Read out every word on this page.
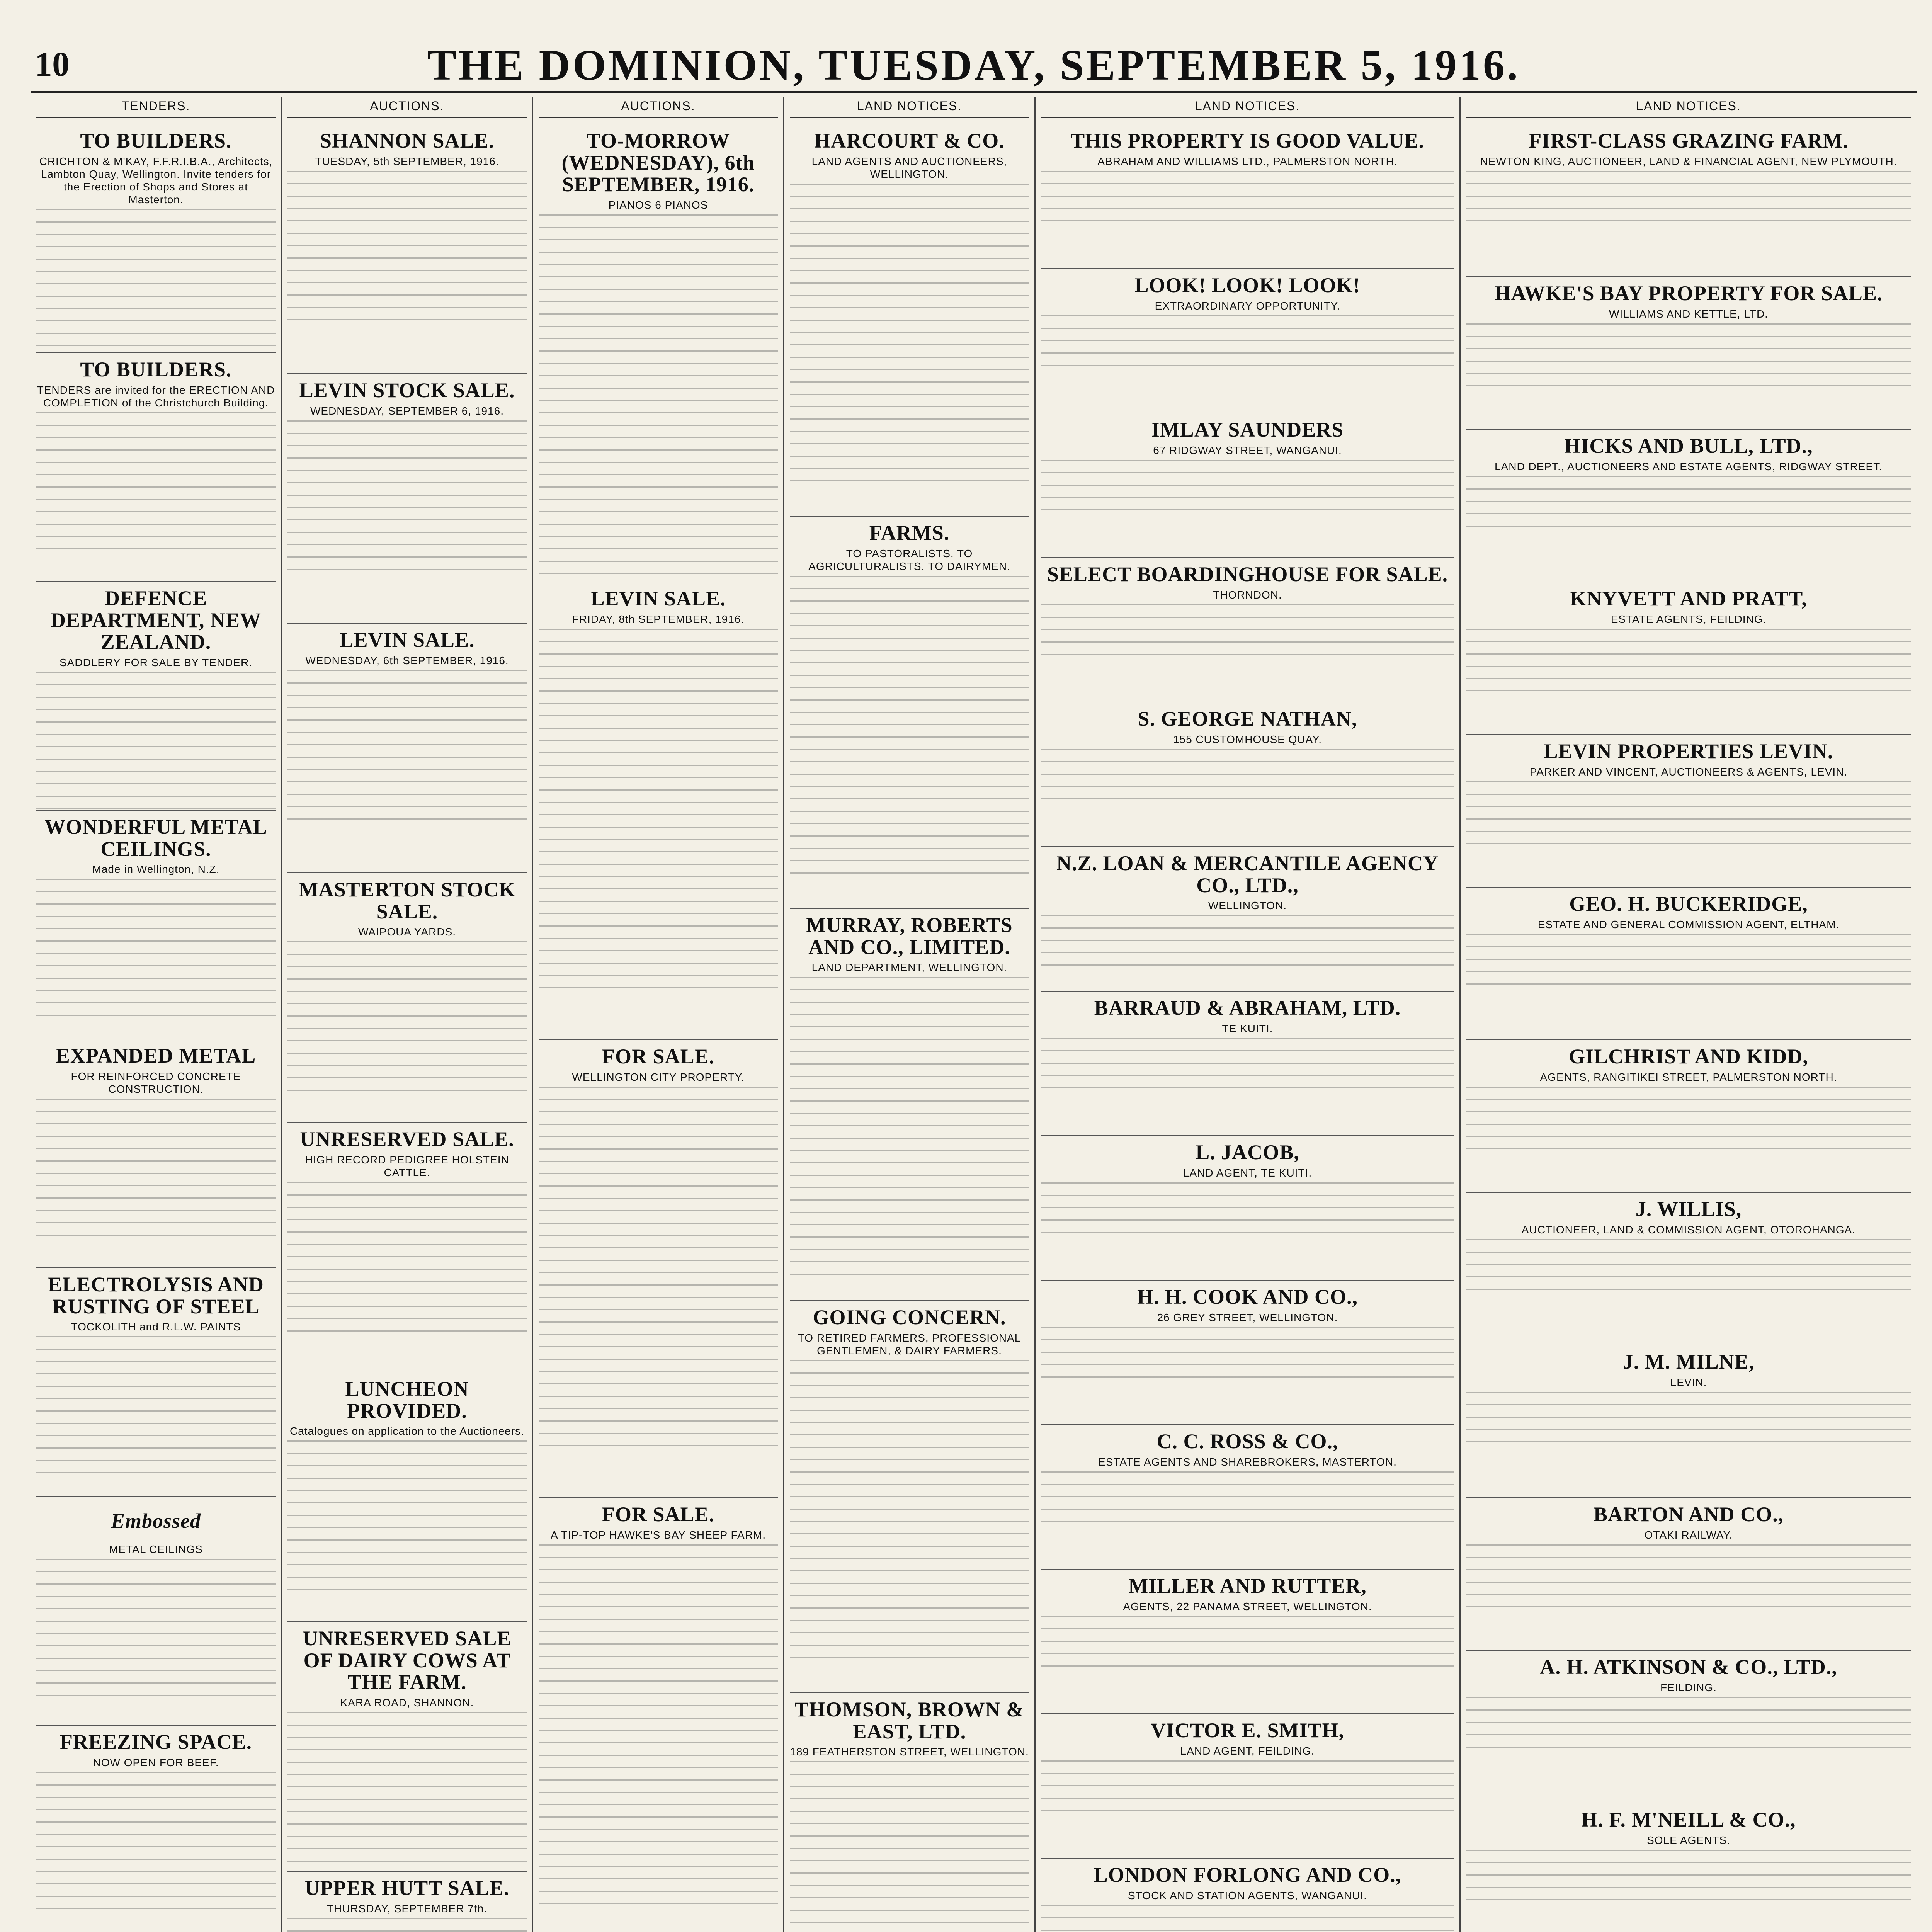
10	THE DOMINION, TUESDAY, SEPTEMBER 5, 1916.
TENDERS.
TO BUILDERS.

CRICHTON & M'KAY, F.F.R.I.B.A., Architects, Lambton Quay, Wellington. Invite tenders for the Erection of Shops and Stores at Masterton.

TO BUILDERS.

TENDERS are invited for the ERECTION AND COMPLETION of the Christchurch Building.

DEFENCE DEPARTMENT, NEW ZEALAND.

SADDLERY FOR SALE BY TENDER.

WONDERFUL METAL CEILINGS.

Made in Wellington, N.Z.

EXPANDED METAL

FOR REINFORCED CONCRETE CONSTRUCTION.

ELECTROLYSIS AND RUSTING OF STEEL

TOCKOLITH and R.L.W. PAINTS

Embossed

METAL CEILINGS

FREEZING SPACE.

NOW OPEN FOR BEEF.

AUCTIONS.
SHANNON SALE.

TUESDAY, 5th SEPTEMBER, 1916.

LEVIN STOCK SALE.

WEDNESDAY, SEPTEMBER 6, 1916.

LEVIN SALE.

WEDNESDAY, 6th SEPTEMBER, 1916.

MASTERTON STOCK SALE.

WAIPOUA YARDS.

UNRESERVED SALE.

HIGH RECORD PEDIGREE HOLSTEIN CATTLE.

LUNCHEON PROVIDED.

Catalogues on application to the Auctioneers.

UNRESERVED SALE OF DAIRY COWS AT THE FARM.

KARA ROAD, SHANNON.

UPPER HUTT SALE.

THURSDAY, SEPTEMBER 7th.

AUCTIONS.
TO-MORROW (WEDNESDAY), 6th SEPTEMBER, 1916.

PIANOS 6 PIANOS

LEVIN SALE.

FRIDAY, 8th SEPTEMBER, 1916.

FOR SALE.

WELLINGTON CITY PROPERTY.

FOR SALE.

A TIP-TOP HAWKE'S BAY SHEEP FARM.

LAND NOTICES.
HARCOURT & CO.

LAND AGENTS AND AUCTIONEERS, WELLINGTON.

FARMS.

TO PASTORALISTS. TO AGRICULTURALISTS. TO DAIRYMEN.

MURRAY, ROBERTS AND CO., LIMITED.

LAND DEPARTMENT, WELLINGTON.

GOING CONCERN.

TO RETIRED FARMERS, PROFESSIONAL GENTLEMEN, & DAIRY FARMERS.

THOMSON, BROWN & EAST, LTD.

189 FEATHERSTON STREET, WELLINGTON.

LAND NOTICES.
THIS PROPERTY IS GOOD VALUE.

ABRAHAM AND WILLIAMS LTD., PALMERSTON NORTH.

LOOK! LOOK! LOOK!

EXTRAORDINARY OPPORTUNITY.

IMLAY SAUNDERS

67 RIDGWAY STREET, WANGANUI.

SELECT BOARDINGHOUSE FOR SALE.

THORNDON.

S. GEORGE NATHAN,

155 CUSTOMHOUSE QUAY.

N.Z. LOAN & MERCANTILE AGENCY CO., LTD.,

WELLINGTON.

BARRAUD & ABRAHAM, LTD.

TE KUITI.

L. JACOB,

LAND AGENT, TE KUITI.

H. H. COOK AND CO.,

26 GREY STREET, WELLINGTON.

C. C. ROSS & CO.,

ESTATE AGENTS AND SHAREBROKERS, MASTERTON.

MILLER AND RUTTER,

AGENTS, 22 PANAMA STREET, WELLINGTON.

VICTOR E. SMITH,

LAND AGENT, FEILDING.

LONDON FORLONG AND CO.,

STOCK AND STATION AGENTS, WANGANUI.

LAND NOTICES.
FIRST-CLASS GRAZING FARM.

NEWTON KING, AUCTIONEER, LAND & FINANCIAL AGENT, NEW PLYMOUTH.

HAWKE'S BAY PROPERTY FOR SALE.

WILLIAMS AND KETTLE, LTD.

HICKS AND BULL, LTD.,

LAND DEPT., AUCTIONEERS AND ESTATE AGENTS, RIDGWAY STREET.

KNYVETT AND PRATT,

ESTATE AGENTS, FEILDING.

LEVIN PROPERTIES LEVIN.

PARKER AND VINCENT, AUCTIONEERS & AGENTS, LEVIN.

GEO. H. BUCKERIDGE,

ESTATE AND GENERAL COMMISSION AGENT, ELTHAM.

GILCHRIST AND KIDD,

AGENTS, RANGITIKEI STREET, PALMERSTON NORTH.

J. WILLIS,

AUCTIONEER, LAND & COMMISSION AGENT, OTOROHANGA.

J. M. MILNE,

LEVIN.

BARTON AND CO.,

OTAKI RAILWAY.

A. H. ATKINSON & CO., LTD.,

FEILDING.

H. F. M'NEILL & CO.,

SOLE AGENTS.
